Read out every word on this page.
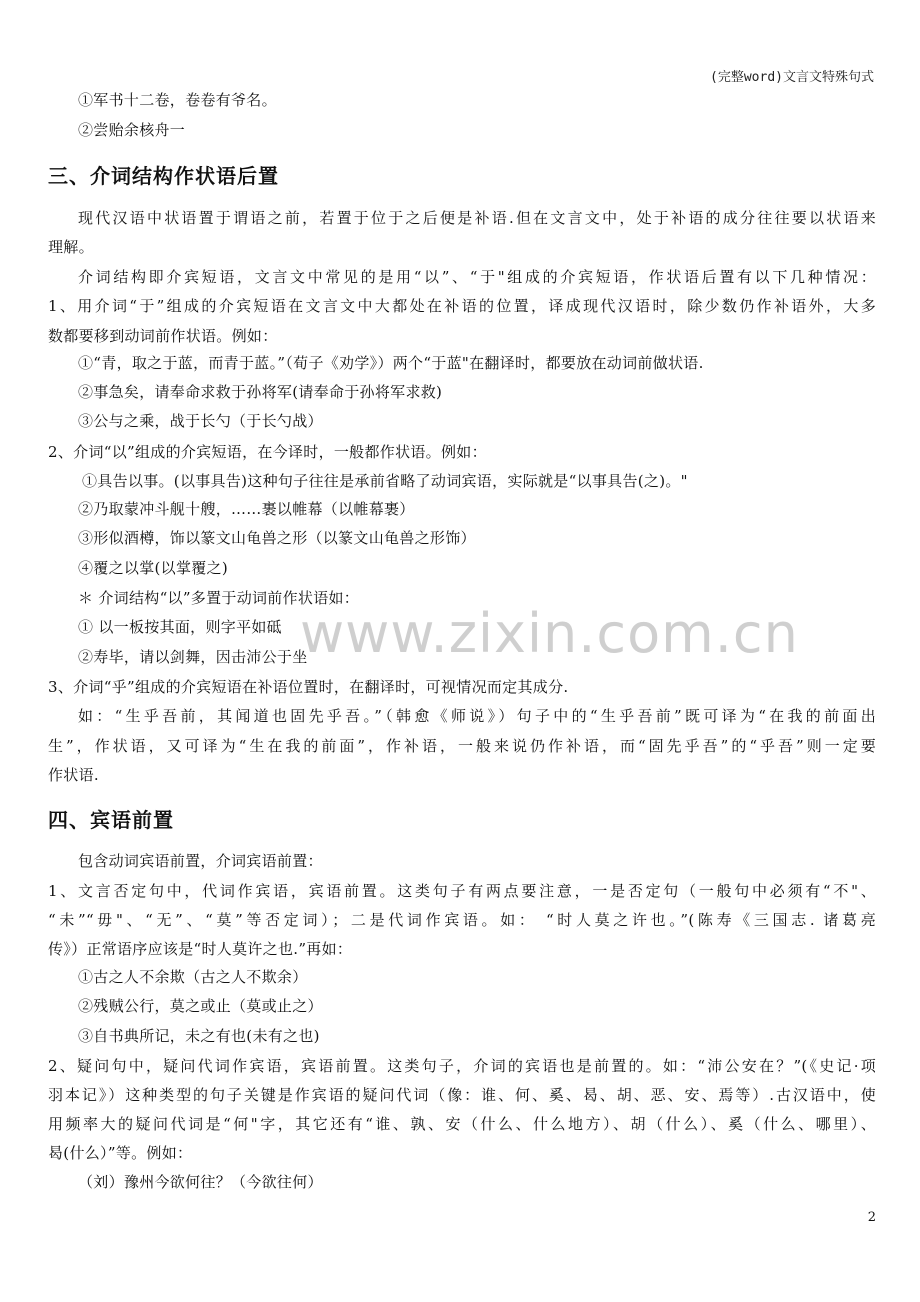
(完整word)文言文特殊句式
①军书十二卷，卷卷有爷名。
②尝贻余核舟一
三、介词结构作状语后置
现代汉语中状语置于谓语之前，若置于位于之后便是补语.但在文言文中，处于补语的成分往往要以状语来
理解。
介词结构即介宾短语，文言文中常见的是用“以”、“于"组成的介宾短语，作状语后置有以下几种情况：
1、用介词“于”组成的介宾短语在文言文中大都处在补语的位置，译成现代汉语时，除少数仍作补语外，大多
数都要移到动词前作状语。例如：
①“青，取之于蓝，而青于蓝。”（荀子《劝学》）两个“于蓝"在翻译时，都要放在动词前做状语.
②事急矣，请奉命求救于孙将军(请奉命于孙将军求救)
③公与之乘，战于长勺（于长勺战）
2、介词“以”组成的介宾短语，在今译时，一般都作状语。例如：
①具告以事。(以事具告)这种句子往往是承前省略了动词宾语，实际就是“以事具告(之)。"
②乃取蒙冲斗舰十艘，……裹以帷幕（以帷幕裹）
③形似酒樽，饰以篆文山龟兽之形（以篆文山龟兽之形饰）
④覆之以掌(以掌覆之)
＊ 介词结构“以”多置于动词前作状语如：
① 以一板按其面，则字平如砥
②寿毕，请以剑舞，因击沛公于坐
3、介词“乎”组成的介宾短语在补语位置时，在翻译时，可视情况而定其成分.
如：“生乎吾前，其闻道也固先乎吾。”（韩愈《师说》）句子中的“生乎吾前”既可译为“在我的前面出
生”，作状语，又可译为“生在我的前面”，作补语，一般来说仍作补语，而“固先乎吾”的“乎吾”则一定要
作状语.
四、宾语前置
包含动词宾语前置，介词宾语前置：
1、文言否定句中，代词作宾语，宾语前置。这类句子有两点要注意，一是否定句（一般句中必须有“不"、
“未”“毋"、“无”、“莫”等否定词）；二是代词作宾语。如： “时人莫之许也。”(陈寿《三国志. 诸葛亮
传》）正常语序应该是“时人莫许之也.”再如：
①古之人不余欺（古之人不欺余）
②残贼公行，莫之或止（莫或止之）
③自书典所记，未之有也(未有之也)
2、疑问句中，疑问代词作宾语，宾语前置。这类句子，介词的宾语也是前置的。如：“沛公安在？”(《史记·项
羽本记》）这种类型的句子关键是作宾语的疑问代词（像：谁、何、奚、曷、胡、恶、安、焉等）.古汉语中，使
用频率大的疑问代词是“何"字，其它还有“谁、孰、安（什么、什么地方）、胡（什么）、奚（什么、哪里）、
曷(什么）”等。例如：
（刘）豫州今欲何往？（今欲往何）
www.zixin.com.cn
2
